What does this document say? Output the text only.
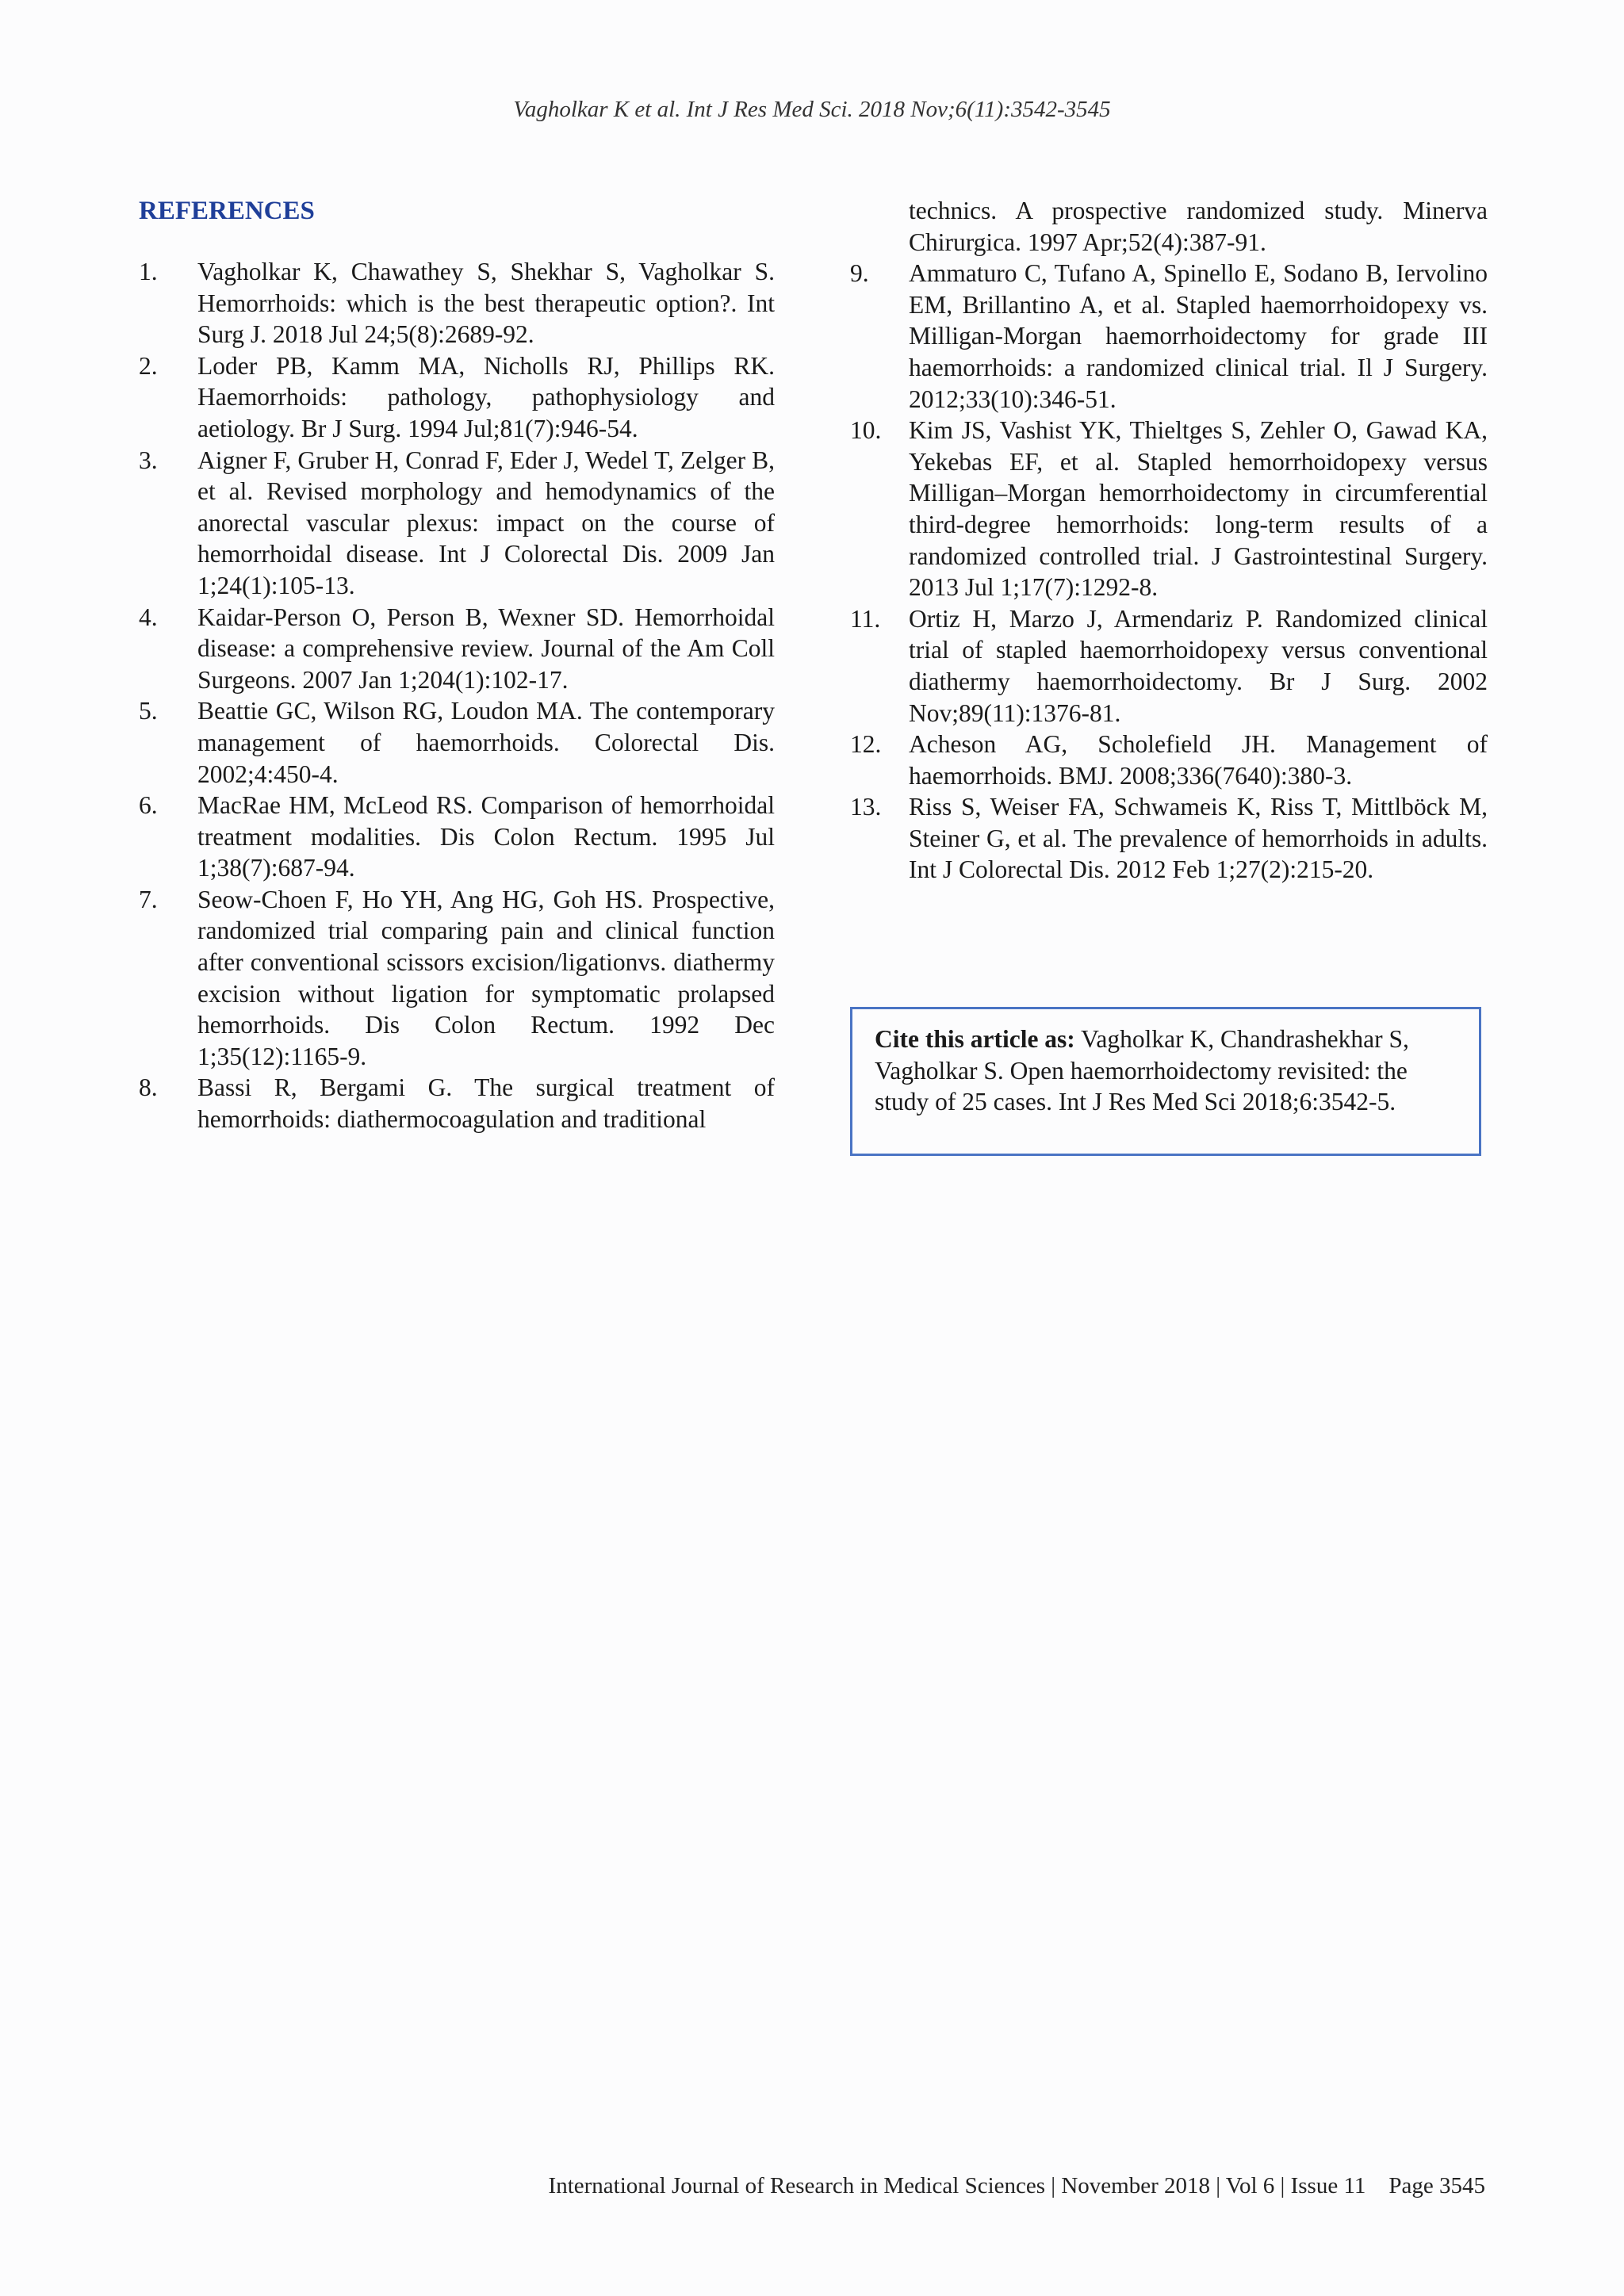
Vagholkar K et al. Int J Res Med Sci. 2018 Nov;6(11):3542-3545
REFERENCES
1.	Vagholkar K, Chawathey S, Shekhar S, Vagholkar S. Hemorrhoids: which is the best therapeutic option?. Int Surg J. 2018 Jul 24;5(8):2689-92.
2.	Loder PB, Kamm MA, Nicholls RJ, Phillips RK. Haemorrhoids: pathology, pathophysiology and aetiology. Br J Surg. 1994 Jul;81(7):946-54.
3.	Aigner F, Gruber H, Conrad F, Eder J, Wedel T, Zelger B, et al. Revised morphology and hemodynamics of the anorectal vascular plexus: impact on the course of hemorrhoidal disease. Int J Colorectal Dis. 2009 Jan 1;24(1):105-13.
4.	Kaidar-Person O, Person B, Wexner SD. Hemorrhoidal disease: a comprehensive review. Journal of the Am Coll Surgeons. 2007 Jan 1;204(1):102-17.
5.	Beattie GC, Wilson RG, Loudon MA. The contemporary management of haemorrhoids. Colorectal Dis. 2002;4:450-4.
6.	MacRae HM, McLeod RS. Comparison of hemorrhoidal treatment modalities. Dis Colon Rectum. 1995 Jul 1;38(7):687-94.
7.	Seow-Choen F, Ho YH, Ang HG, Goh HS. Prospective, randomized trial comparing pain and clinical function after conventional scissors excision/ligationvs. diathermy excision without ligation for symptomatic prolapsed hemorrhoids. Dis Colon Rectum. 1992 Dec 1;35(12):1165-9.
8.	Bassi R, Bergami G. The surgical treatment of hemorrhoids: diathermocoagulation and traditional
technics. A prospective randomized study. Minerva Chirurgica. 1997 Apr;52(4):387-91.
9.	Ammaturo C, Tufano A, Spinello E, Sodano B, Iervolino EM, Brillantino A, et al. Stapled haemorrhoidopexy vs. Milligan-Morgan haemorrhoidectomy for grade III haemorrhoids: a randomized clinical trial. Il J Surgery. 2012;33(10):346-51.
10.	Kim JS, Vashist YK, Thieltges S, Zehler O, Gawad KA, Yekebas EF, et al. Stapled hemorrhoidopexy versus Milligan–Morgan hemorrhoidectomy in circumferential third-degree hemorrhoids: long-term results of a randomized controlled trial. J Gastrointestinal Surgery. 2013 Jul 1;17(7):1292-8.
11.	Ortiz H, Marzo J, Armendariz P. Randomized clinical trial of stapled haemorrhoidopexy versus conventional diathermy haemorrhoidectomy. Br J Surg. 2002 Nov;89(11):1376-81.
12.	Acheson AG, Scholefield JH. Management of haemorrhoids. BMJ. 2008;336(7640):380-3.
13.	Riss S, Weiser FA, Schwameis K, Riss T, Mittlböck M, Steiner G, et al. The prevalence of hemorrhoids in adults. Int J Colorectal Dis. 2012 Feb 1;27(2):215-20.
Cite this article as: Vagholkar K, Chandrashekhar S, Vagholkar S. Open haemorrhoidectomy revisited: the study of 25 cases. Int J Res Med Sci 2018;6:3542-5.
International Journal of Research in Medical Sciences | November 2018 | Vol 6 | Issue 11    Page 3545
